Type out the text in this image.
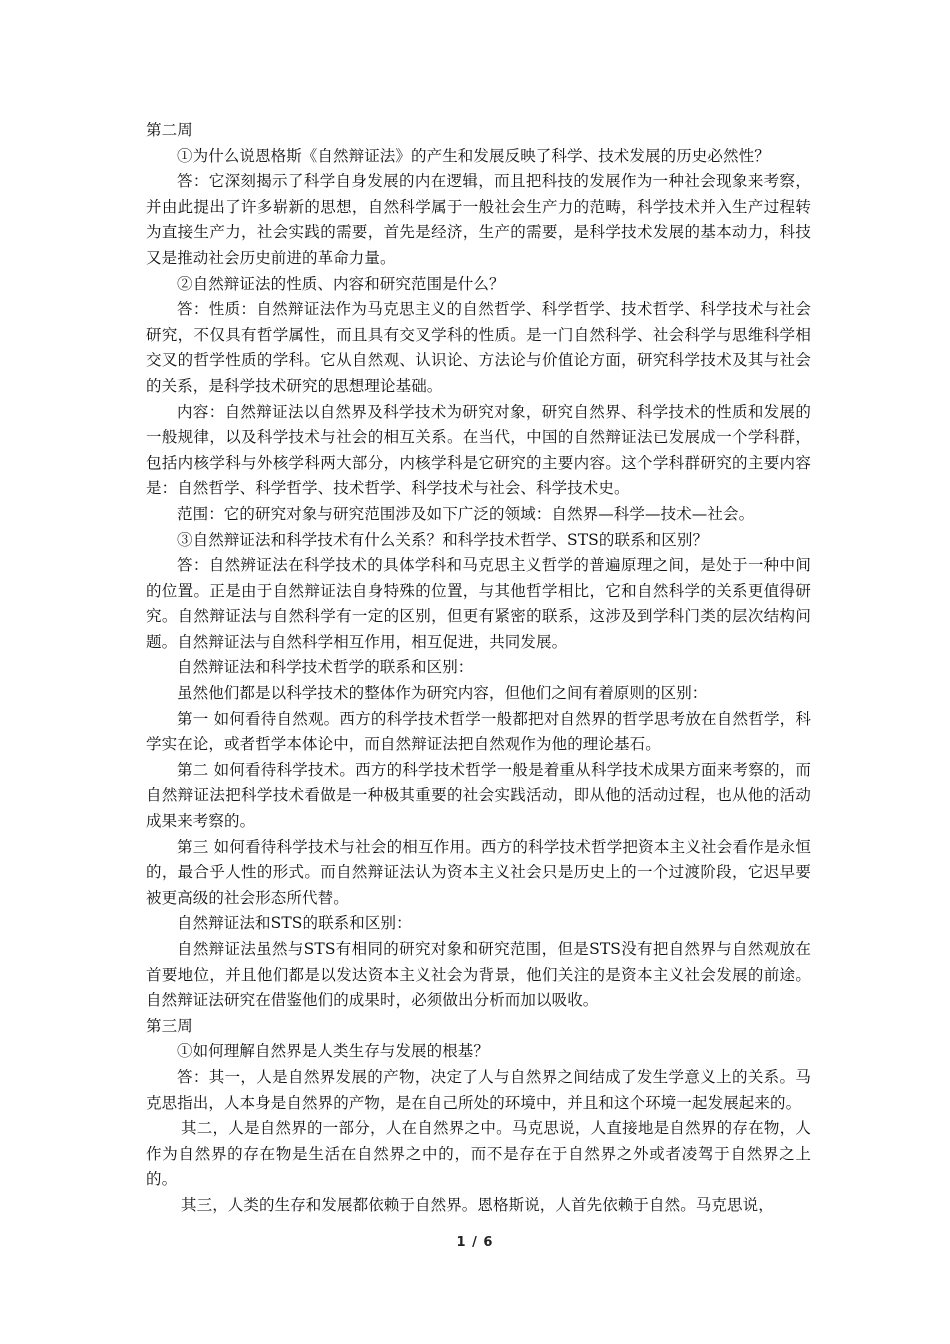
第二周

①为什么说恩格斯《自然辩证法》的产生和发展反映了科学、技术发展的历史必然性？

答：它深刻揭示了科学自身发展的内在逻辑，而且把科技的发展作为一种社会现象来考察，并由此提出了许多崭新的思想，自然科学属于一般社会生产力的范畴，科学技术并入生产过程转为直接生产力，社会实践的需要，首先是经济，生产的需要，是科学技术发展的基本动力，科技又是推动社会历史前进的革命力量。

②自然辩证法的性质、内容和研究范围是什么？

答：性质：自然辩证法作为马克思主义的自然哲学、科学哲学、技术哲学、科学技术与社会研究，不仅具有哲学属性，而且具有交叉学科的性质。是一门自然科学、社会科学与思维科学相交叉的哲学性质的学科。它从自然观、认识论、方法论与价值论方面，研究科学技术及其与社会的关系，是科学技术研究的思想理论基础。

内容：自然辩证法以自然界及科学技术为研究对象，研究自然界、科学技术的性质和发展的一般规律，以及科学技术与社会的相互关系。在当代，中国的自然辩证法已发展成一个学科群，包括内核学科与外核学科两大部分，内核学科是它研究的主要内容。这个学科群研究的主要内容是：自然哲学、科学哲学、技术哲学、科学技术与社会、科学技术史。

范围：它的研究对象与研究范围涉及如下广泛的领域：自然界—科学—技术—社会。

③自然辩证法和科学技术有什么关系？和科学技术哲学、STS的联系和区别？

答：自然辨证法在科学技术的具体学科和马克思主义哲学的普遍原理之间，是处于一种中间的位置。正是由于自然辩证法自身特殊的位置，与其他哲学相比，它和自然科学的关系更值得研究。自然辩证法与自然科学有一定的区别，但更有紧密的联系，这涉及到学科门类的层次结构问题。自然辩证法与自然科学相互作用，相互促进，共同发展。

自然辩证法和科学技术哲学的联系和区别：

虽然他们都是以科学技术的整体作为研究内容，但他们之间有着原则的区别：

第一 如何看待自然观。西方的科学技术哲学一般都把对自然界的哲学思考放在自然哲学，科学实在论，或者哲学本体论中，而自然辩证法把自然观作为他的理论基石。

第二 如何看待科学技术。西方的科学技术哲学一般是着重从科学技术成果方面来考察的，而自然辩证法把科学技术看做是一种极其重要的社会实践活动，即从他的活动过程，也从他的活动成果来考察的。

第三 如何看待科学技术与社会的相互作用。西方的科学技术哲学把资本主义社会看作是永恒的，最合乎人性的形式。而自然辩证法认为资本主义社会只是历史上的一个过渡阶段，它迟早要被更高级的社会形态所代替。

自然辩证法和STS的联系和区别：

自然辩证法虽然与STS有相同的研究对象和研究范围，但是STS没有把自然界与自然观放在首要地位，并且他们都是以发达资本主义社会为背景，他们关注的是资本主义社会发展的前途。自然辩证法研究在借鉴他们的成果时，必须做出分析而加以吸收。

第三周

①如何理解自然界是人类生存与发展的根基？

答：其一，人是自然界发展的产物，决定了人与自然界之间结成了发生学意义上的关系。马克思指出，人本身是自然界的产物，是在自己所处的环境中，并且和这个环境一起发展起来的。

其二，人是自然界的一部分，人在自然界之中。马克思说，人直接地是自然界的存在物，人作为自然界的存在物是生活在自然界之中的，而不是存在于自然界之外或者凌驾于自然界之上的。

其三，人类的生存和发展都依赖于自然界。恩格斯说，人首先依赖于自然。马克思说，

1 / 6
